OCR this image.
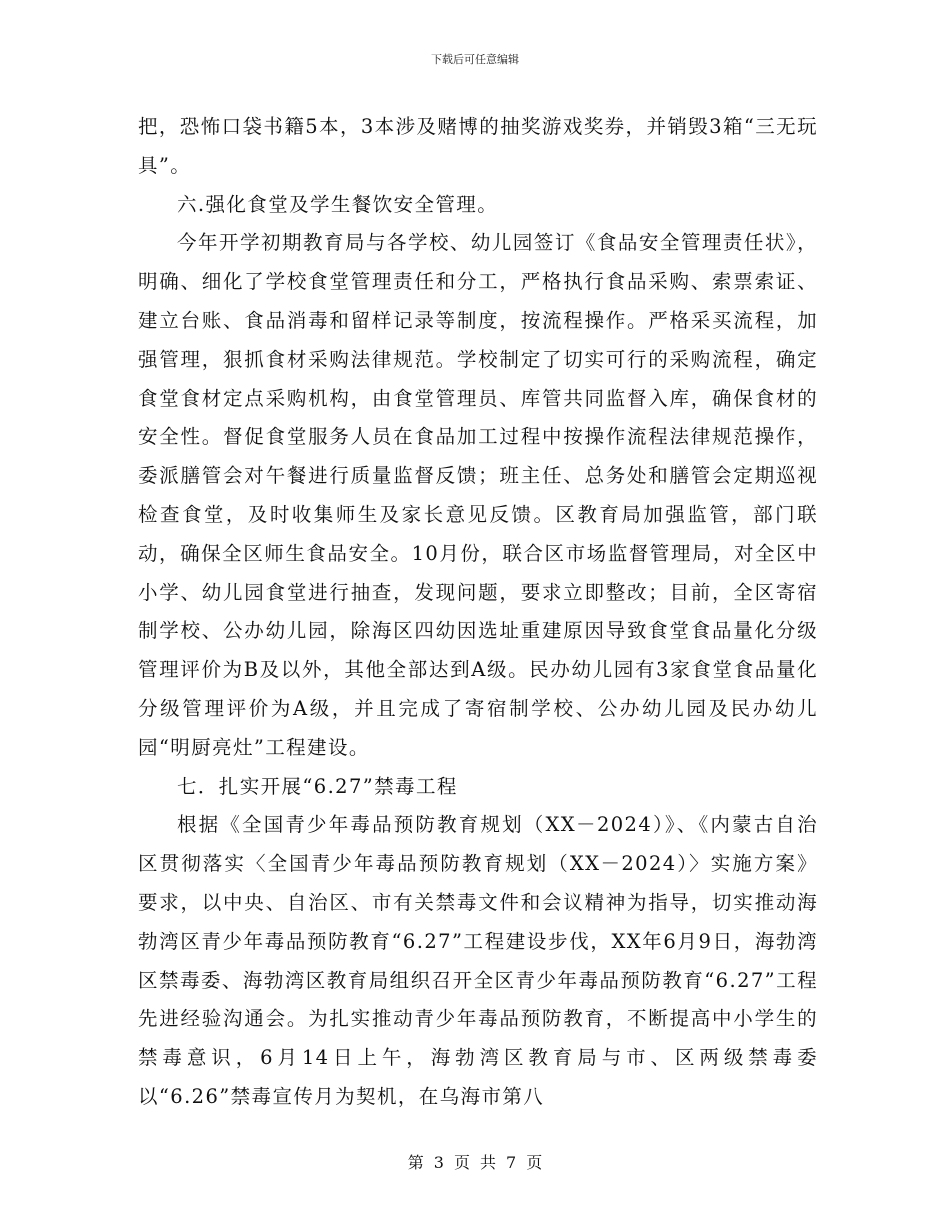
下载后可任意编辑

把，恐怖口袋书籍5本，3本涉及赌博的抽奖游戏奖券，并销毁3箱“三无玩具”。

六.强化食堂及学生餐饮安全管理。

今年开学初期教育局与各学校、幼儿园签订《食品安全管理责任状》，明确、细化了学校食堂管理责任和分工，严格执行食品采购、索票索证、建立台账、食品消毒和留样记录等制度，按流程操作。严格采买流程，加强管理，狠抓食材采购法律规范。学校制定了切实可行的采购流程，确定食堂食材定点采购机构，由食堂管理员、库管共同监督入库，确保食材的安全性。督促食堂服务人员在食品加工过程中按操作流程法律规范操作，委派膳管会对午餐进行质量监督反馈；班主任、总务处和膳管会定期巡视检查食堂，及时收集师生及家长意见反馈。区教育局加强监管，部门联动，确保全区师生食品安全。10月份，联合区市场监督管理局，对全区中小学、幼儿园食堂进行抽查，发现问题，要求立即整改；目前，全区寄宿制学校、公办幼儿园，除海区四幼因选址重建原因导致食堂食品量化分级管理评价为B及以外，其他全部达到A级。民办幼儿园有3家食堂食品量化分级管理评价为A级，并且完成了寄宿制学校、公办幼儿园及民办幼儿园“明厨亮灶”工程建设。

七．扎实开展“6.27”禁毒工程

根据《全国青少年毒品预防教育规划（XX－2024）》、《内蒙古自治区贯彻落实〈全国青少年毒品预防教育规划（XX－2024）〉实施方案》要求，以中央、自治区、市有关禁毒文件和会议精神为指导，切实推动海勃湾区青少年毒品预防教育“6.27”工程建设步伐，XX年6月9日，海勃湾区禁毒委、海勃湾区教育局组织召开全区青少年毒品预防教育“6.27”工程先进经验沟通会。为扎实推动青少年毒品预防教育，不断提高中小学生的禁毒意识，6月14日上午，海勃湾区教育局与市、区两级禁毒委以“6.26”禁毒宣传月为契机，在乌海市第八

第 3 页 共 7 页
